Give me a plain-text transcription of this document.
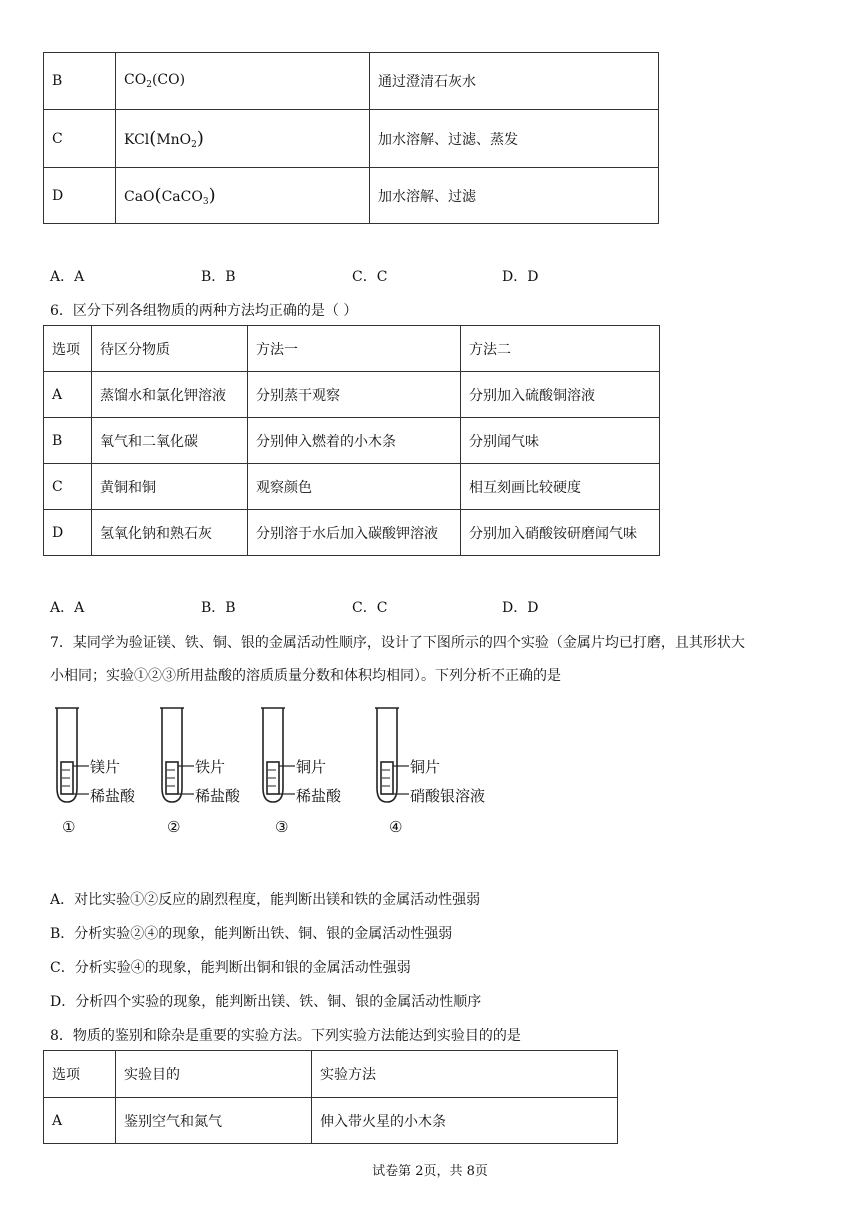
B	$CO_2(CO)$	通过澄清石灰水
C	KCl(MnO$_2$)	加水溶解、过滤、蒸发
D	CaO(CaCO$_3$)	加水溶解、过滤
A．A	B．B	C．C	D．D
6．区分下列各组物质的两种方法均正确的是（ ）
选项	待区分物质	方法一	方法二
A	蒸馏水和氯化钾溶液	分别蒸干观察	分别加入硫酸铜溶液
B	氧气和二氧化碳	分别伸入燃着的小木条	分别闻气味
C	黄铜和铜	观察颜色	相互刻画比较硬度
D	氢氧化钠和熟石灰	分别溶于水后加入碳酸钾溶液	分别加入硝酸铵研磨闻气味
A．A	B．B	C．C	D．D
7．某同学为验证镁、铁、铜、银的金属活动性顺序，设计了下图所示的四个实验（金属片均已打磨，且其形状大
小相同；实验①②③所用盐酸的溶质质量分数和体积均相同）。下列分析不正确的是
镁片
稀盐酸
①
铁片
稀盐酸
②
铜片
稀盐酸
③
铜片
硝酸银溶液
④
A．对比实验①②反应的剧烈程度，能判断出镁和铁的金属活动性强弱
B．分析实验②④的现象，能判断出铁、铜、银的金属活动性强弱
C．分析实验④的现象，能判断出铜和银的金属活动性强弱
D．分析四个实验的现象，能判断出镁、铁、铜、银的金属活动性顺序
8．物质的鉴别和除杂是重要的实验方法。下列实验方法能达到实验目的的是
选项	实验目的	实验方法
A	鉴别空气和氮气	伸入带火星的小木条
试卷第 2页，共 8页
